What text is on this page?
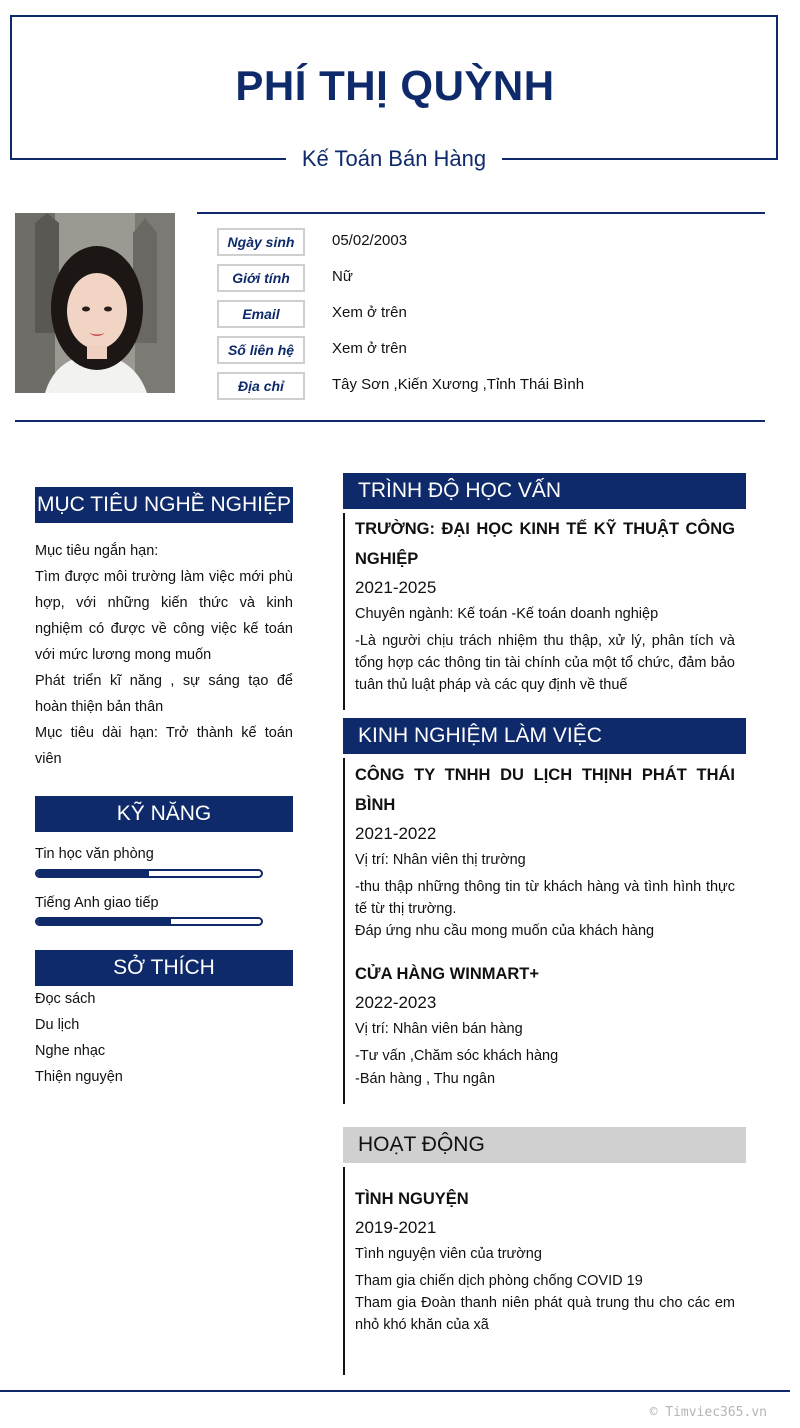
PHÍ THỊ QUỲNH
Kế Toán Bán Hàng
Ngày sinh	05/02/2003
Giới tính	Nữ
Email	Xem ở trên
Số liên hệ	Xem ở trên
Địa chỉ	Tây Sơn ,Kiến Xương ,Tỉnh Thái Bình
MỤC TIÊU NGHỀ NGHIỆP
Mục tiêu ngắn hạn:
Tìm được môi trường làm việc mới phù hợp, với những kiến thức và kinh nghiệm có được về công việc kế toán với mức lương mong muốn
Phát triển kĩ năng , sự sáng tạo để hoàn thiện bản thân
Mục tiêu dài hạn: Trở thành kế toán viên
KỸ NĂNG
Tin học văn phòng
Tiếng Anh giao tiếp
SỞ THÍCH
Đọc sách
Du lịch
Nghe nhạc
Thiện nguyện
TRÌNH ĐỘ HỌC VẤN
TRƯỜNG: ĐẠI HỌC KINH TẾ KỸ THUẬT CÔNG NGHIỆP
2021-2025
Chuyên ngành: Kế toán -Kế toán doanh nghiệp
-Là người chịu trách nhiệm thu thập, xử lý, phân tích và tổng hợp các thông tin tài chính của một tổ chức, đảm bảo tuân thủ luật pháp và các quy định về thuế
KINH NGHIỆM LÀM VIỆC
CÔNG TY TNHH DU LỊCH THỊNH PHÁT THÁI BÌNH
2021-2022
Vị trí: Nhân viên thị trường
-thu thập những thông tin từ khách hàng và tình hình thực tế từ thị trường.
Đáp ứng nhu cầu mong muốn của khách hàng
CỬA HÀNG WINMART+
2022-2023
Vị trí: Nhân viên bán hàng
-Tư vấn ,Chăm sóc khách hàng
-Bán hàng , Thu ngân
HOẠT ĐỘNG
TÌNH NGUYỆN
2019-2021
Tình nguyện viên của trường
Tham gia chiến dịch phòng chống COVID 19
Tham gia Đoàn thanh niên phát quà trung thu cho các em nhỏ khó khăn của xã
© Timviec365.vn
